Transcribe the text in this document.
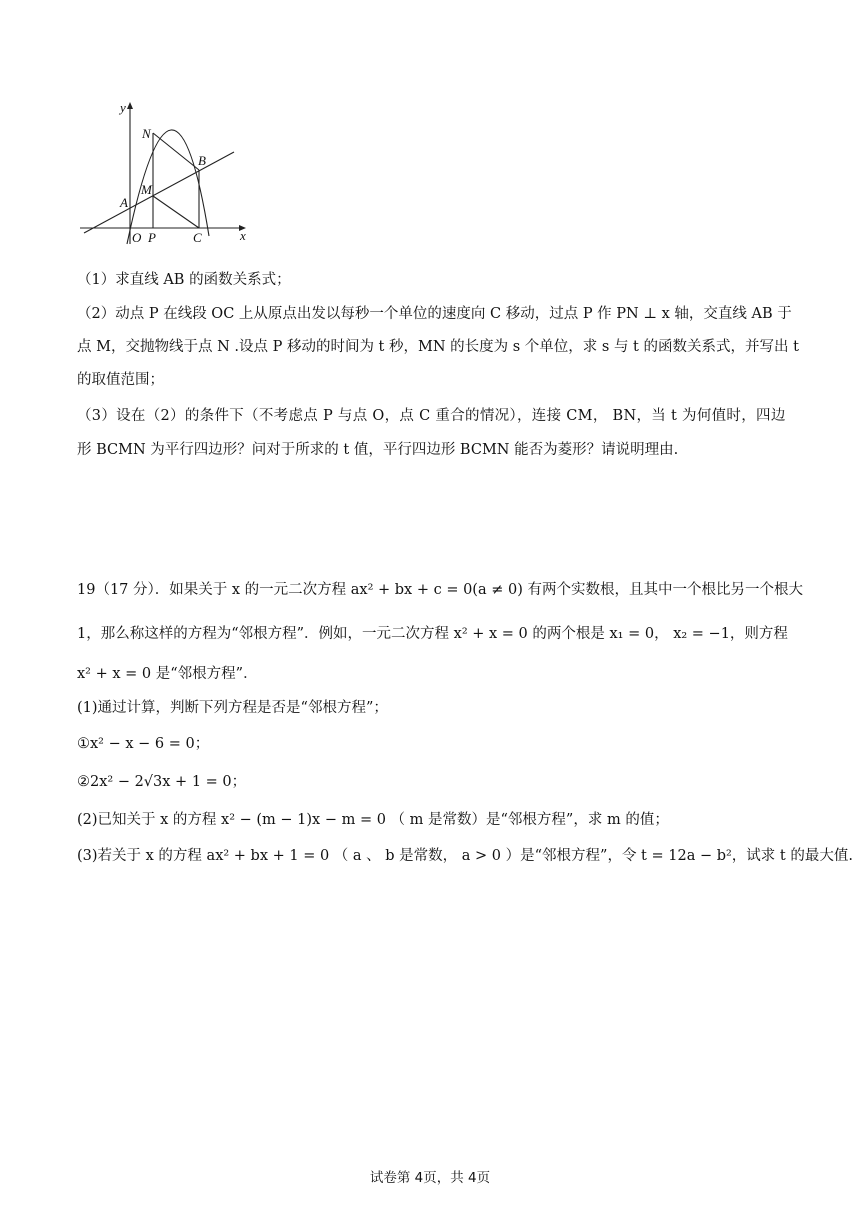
y
x
N
B
M
A
O P	C
（1）求直线 AB 的函数关系式；
（2）动点 P 在线段 OC 上从原点出发以每秒一个单位的速度向 C 移动，过点 P 作 PN ⊥ x 轴，交直线 AB 于
点 M，交抛物线于点 N .设点 P 移动的时间为 t 秒，MN 的长度为 s 个单位，求 s 与 t 的函数关系式，并写出 t
的取值范围；
（3）设在（2）的条件下（不考虑点 P 与点 O，点 C 重合的情况），连接 CM， BN，当 t 为何值时，四边
形 BCMN 为平行四边形？问对于所求的 t 值，平行四边形 BCMN 能否为菱形？请说明理由.
19（17 分）．如果关于 x 的一元二次方程 ax² + bx + c = 0(a ≠ 0) 有两个实数根，且其中一个根比另一个根大
1，那么称这样的方程为“邻根方程”．例如，一元二次方程 x² + x = 0 的两个根是 x₁ = 0， x₂ = −1，则方程
x² + x = 0 是“邻根方程”．
(1)通过计算，判断下列方程是否是“邻根方程”；
①x² − x − 6 = 0；
②2x² − 2√3x + 1 = 0；
(2)已知关于 x 的方程 x² − (m − 1)x − m = 0 （ m 是常数）是“邻根方程”，求 m 的值；
(3)若关于 x 的方程 ax² + bx + 1 = 0 （ a 、 b 是常数， a > 0 ）是“邻根方程”，令 t = 12a − b²，试求 t 的最大值.
试卷第 4页，共 4页
